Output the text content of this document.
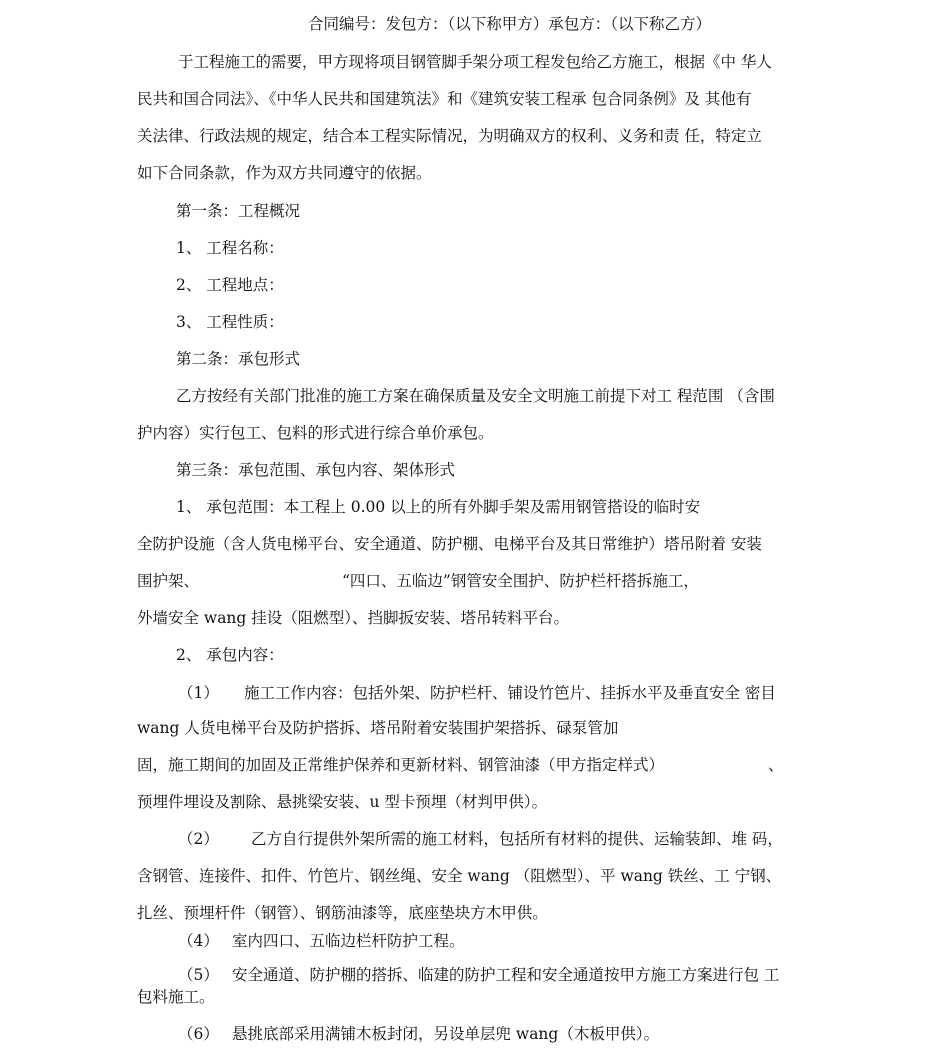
合同编号：发包方：（以下称甲方）承包方：（以下称乙方）
于工程施工的需要，甲方现将项目钢管脚手架分项工程发包给乙方施工，根据《中 华人
民共和国合同法》、《中华人民共和国建筑法》和《建筑安装工程承 包合同条例》及 其他有
关法律、行政法规的规定，结合本工程实际情况，为明确双方的权利、义务和责 任，特定立
如下合同条款，作为双方共同遵守的依据。
第一条：工程概况
1、 工程名称：
2、 工程地点：
3、 工程性质：
第二条：承包形式
乙方按经有关部门批准的施工方案在确保质量及安全文明施工前提下对工 程范围 （含围
护内容）实行包工、包料的形式进行综合单价承包。
第三条：承包范围、承包内容、架体形式
1、 承包范围：本工程上 0.00 以上的所有外脚手架及需用钢管搭设的临时安
全防护设施（含人货电梯平台、安全通道、防护棚、电梯平台及其日常维护）塔吊附着 安装
围护架、	“四口、五临边”钢管安全围护、防护栏杆搭拆施工，
外墙安全 wang 挂设（阻燃型）、挡脚扳安装、塔吊转料平台。
2、 承包内容：
（1） 施工工作内容：包括外架、防护栏杆、铺设竹笆片、挂拆水平及垂直安全 密目
wang 人货电梯平台及防护搭拆、塔吊附着安装围护架搭拆、碌泵管加
固，施工期间的加固及正常维护保养和更新材料、钢管油漆（甲方指定样式）	、
预埋件埋设及割除、悬挑梁安装、u 型卡预埋（材判甲供）。
（2） 乙方自行提供外架所需的施工材料，包括所有材料的提供、运输装卸、堆 码，
含钢管、连接件、扣件、竹笆片、钢丝绳、安全 wang （阻燃型）、平 wang 铁丝、工 宁钢、
扎丝、预埋杆件（钢管）、钢筋油漆等，底座垫块方木甲供。
（4） 室内四口、五临边栏杆防护工程。
（5） 安全通道、防护棚的搭拆、临建的防护工程和安全通道按甲方施工方案进行包 工
包料施工。
（6） 悬挑底部采用满铺木板封闭，另设单层兜 wang（木板甲供）。
